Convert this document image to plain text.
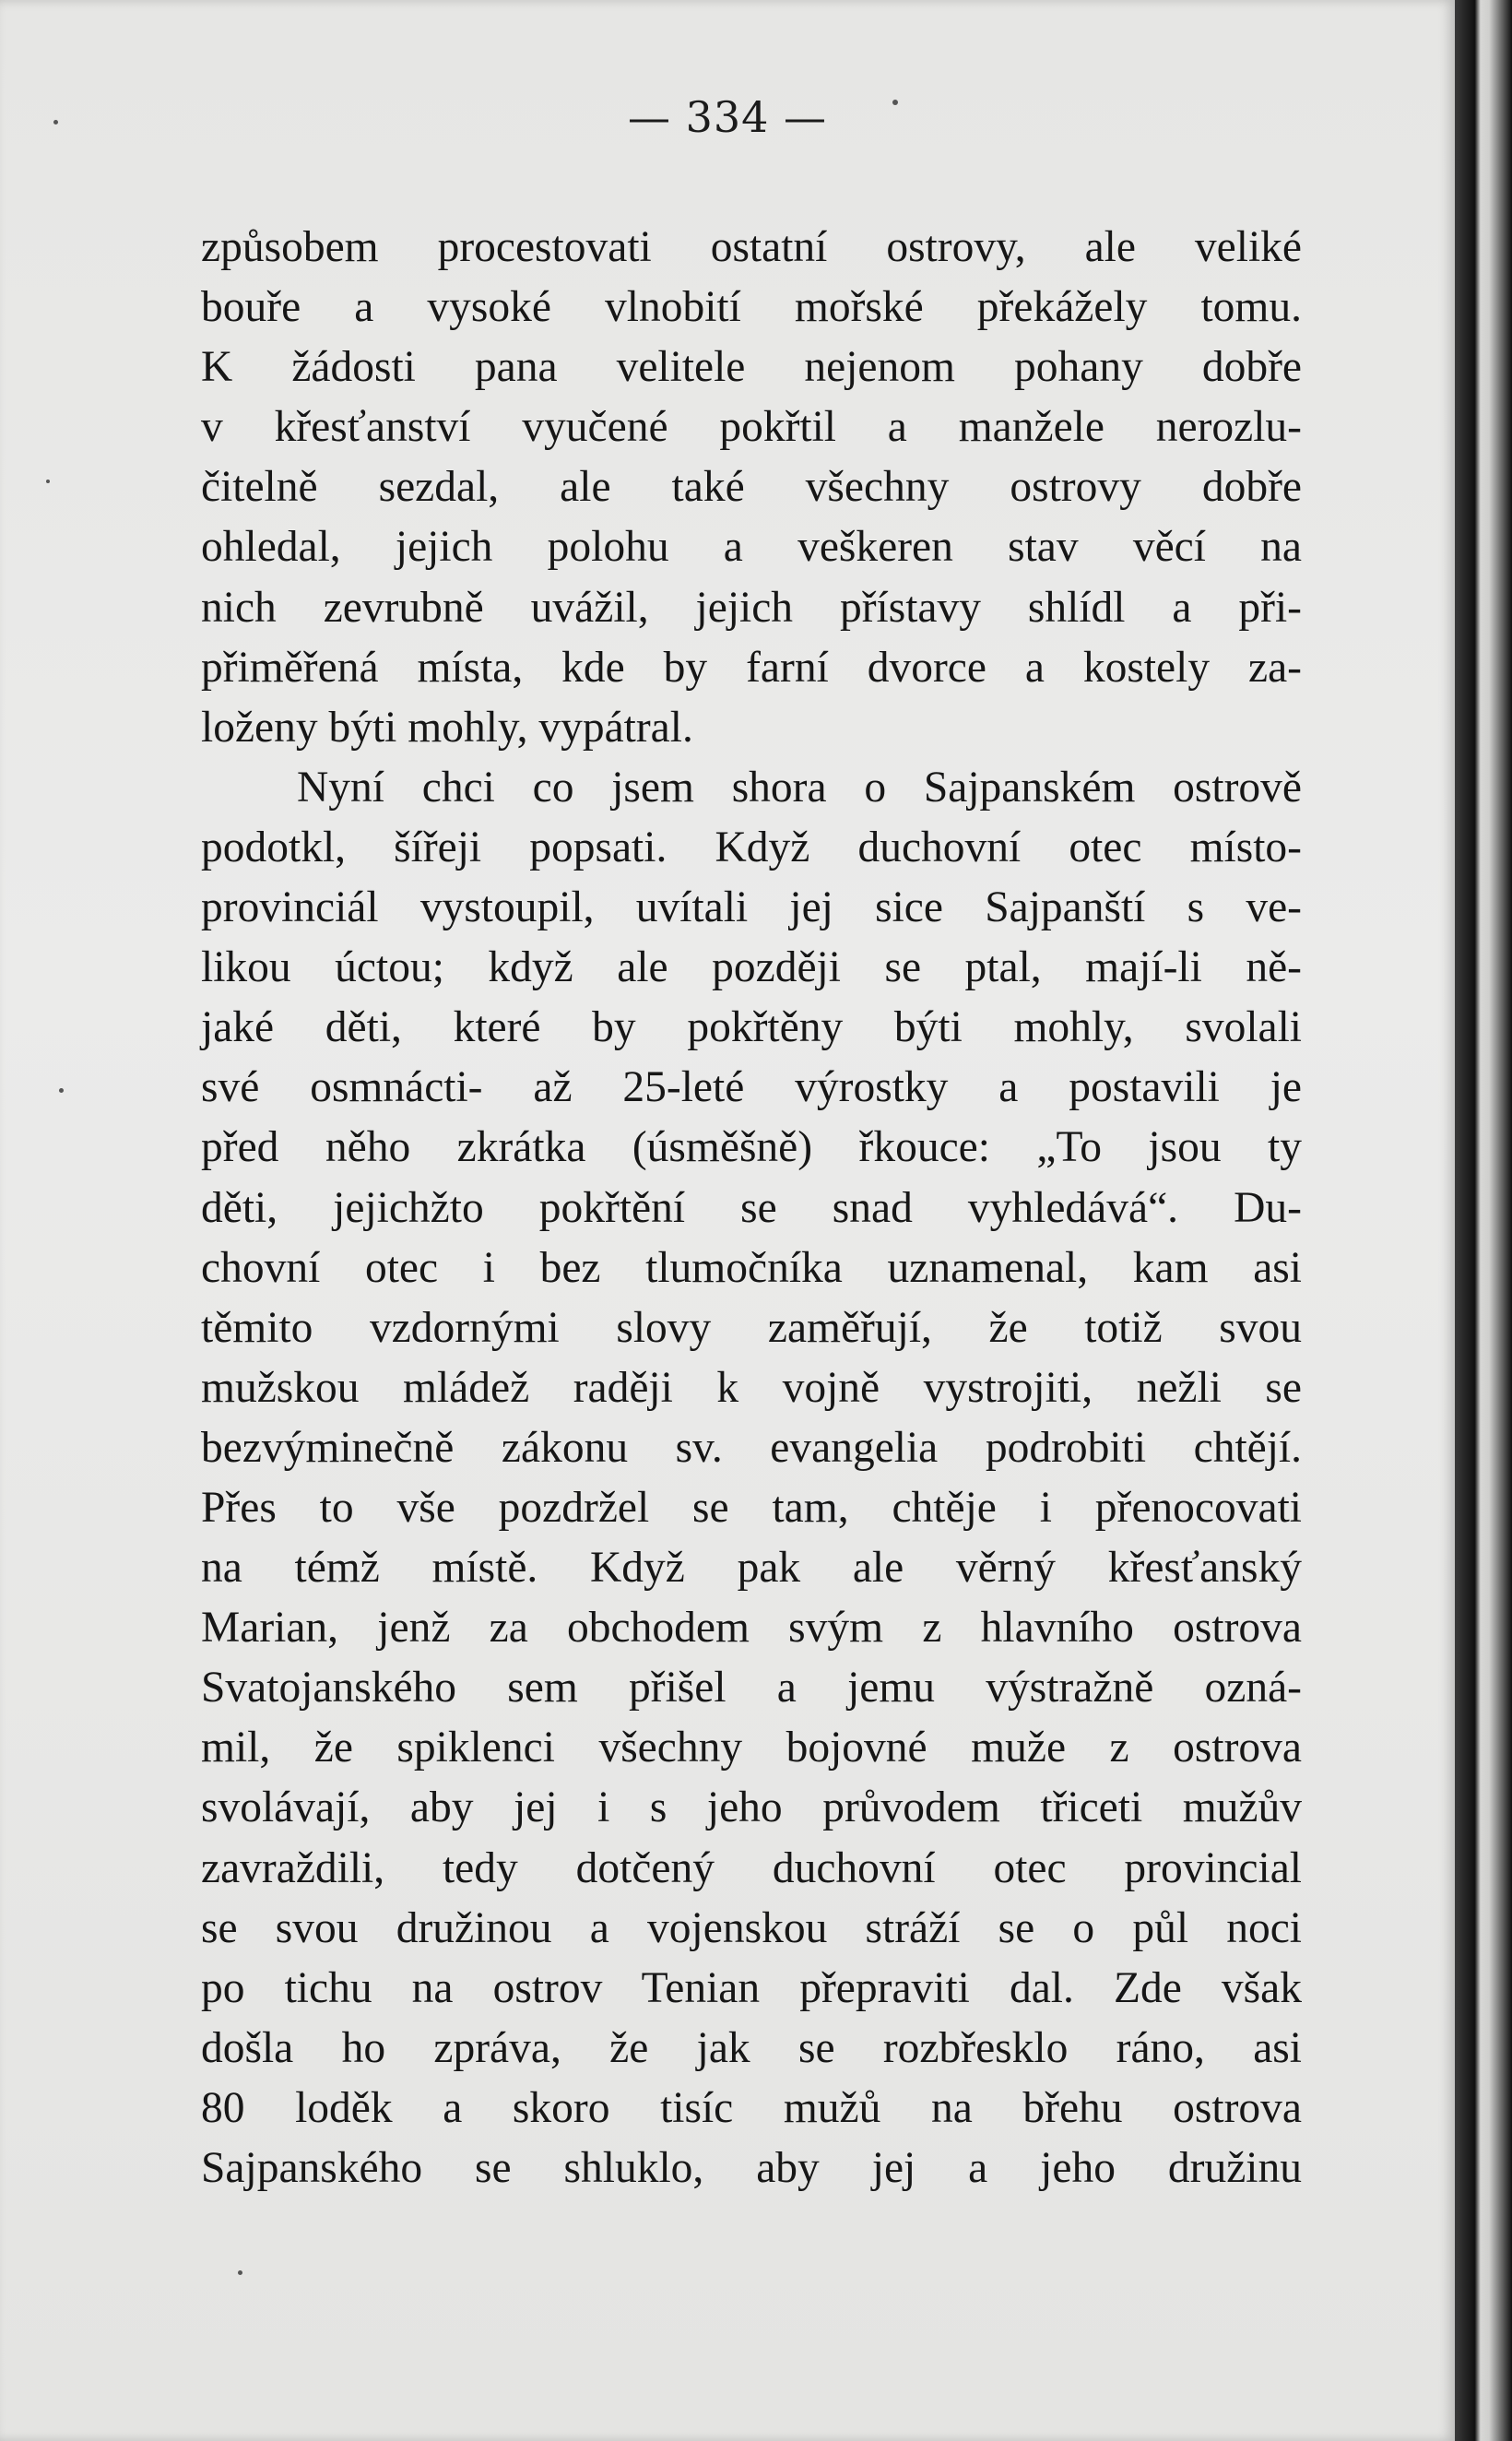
— 334 —
způsobem procestovati ostatní ostrovy, ale veliké
bouře a vysoké vlnobití mořské překážely tomu.
K žádosti pana velitele nejenom pohany dobře
v křesťanství vyučené pokřtil a manžele nerozlu-
čitelně sezdal, ale také všechny ostrovy dobře
ohledal, jejich polohu a veškeren stav věcí na
nich zevrubně uvážil, jejich přístavy shlídl a při-
přiměřená místa, kde by farní dvorce a kostely za-
loženy býti mohly, vypátral.
Nyní chci co jsem shora o Sajpanském ostrově
podotkl, šířeji popsati. Když duchovní otec místo-
provinciál vystoupil, uvítali jej sice Sajpanští s ve-
likou úctou; když ale později se ptal, mají-li ně-
jaké děti, které by pokřtěny býti mohly, svolali
své osmnácti- až 25-leté výrostky a postavili je
před něho zkrátka (úsměšně) řkouce: „To jsou ty
děti, jejichžto pokřtění se snad vyhledává“. Du-
chovní otec i bez tlumočníka uznamenal, kam asi
těmito vzdornými slovy zaměřují, že totiž svou
mužskou mládež raději k vojně vystrojiti, nežli se
bezvýminečně zákonu sv. evangelia podrobiti chtějí.
Přes to vše pozdržel se tam, chtěje i přenocovati
na témž místě. Když pak ale věrný křesťanský
Marian, jenž za obchodem svým z hlavního ostrova
Svatojanského sem přišel a jemu výstražně ozná-
mil, že spiklenci všechny bojovné muže z ostrova
svolávají, aby jej i s jeho průvodem třiceti mužův
zavraždili, tedy dotčený duchovní otec provincial
se svou družinou a vojenskou stráží se o půl noci
po tichu na ostrov Tenian přepraviti dal. Zde však
došla ho zpráva, že jak se rozbřesklo ráno, asi
80 loděk a skoro tisíc mužů na břehu ostrova
Sajpanského se shluklo, aby jej a jeho družinu
